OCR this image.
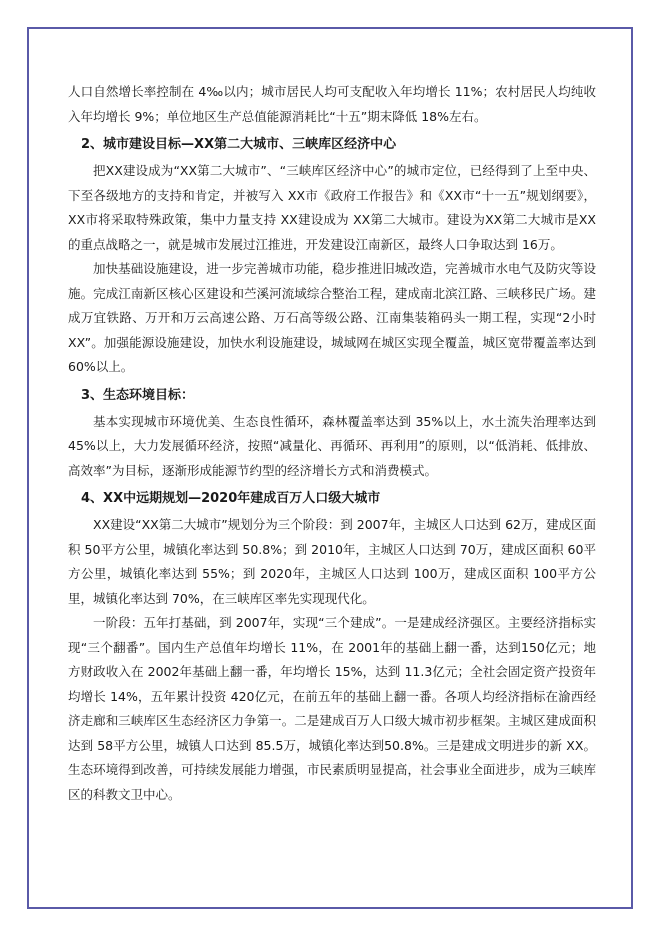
人口自然增长率控制在 4‰以内；城市居民人均可支配收入年均增长 11%；农村居民人均纯收入年均增长 9%；单位地区生产总值能源消耗比“十五”期末降低 18%左右。

2、城市建设目标—XX第二大城市、三峡库区经济中心

把XX建设成为“XX第二大城市”、“三峡库区经济中心”的城市定位，已经得到了上至中央、下至各级地方的支持和肯定，并被写入 XX市《政府工作报告》和《XX市“十一五”规划纲要》，XX市将采取特殊政策，集中力量支持 XX建设成为 XX第二大城市。建设为XX第二大城市是XX的重点战略之一，就是城市发展过江推进，开发建设江南新区，最终人口争取达到 16万。

加快基础设施建设，进一步完善城市功能，稳步推进旧城改造，完善城市水电气及防灾等设施。完成江南新区核心区建设和苎溪河流域综合整治工程，建成南北滨江路、三峡移民广场。建成万宜铁路、万开和万云高速公路、万石高等级公路、江南集装箱码头一期工程，实现“2小时XX”。加强能源设施建设，加快水利设施建设，城域网在城区实现全覆盖，城区宽带覆盖率达到 60%以上。

3、生态环境目标：

基本实现城市环境优美、生态良性循环，森林覆盖率达到 35%以上，水土流失治理率达到 45%以上，大力发展循环经济，按照“减量化、再循环、再利用”的原则，以“低消耗、低排放、高效率”为目标，逐渐形成能源节约型的经济增长方式和消费模式。

4、XX中远期规划—2020年建成百万人口级大城市

XX建设“XX第二大城市”规划分为三个阶段：到 2007年，主城区人口达到 62万，建成区面积 50平方公里，城镇化率达到 50.8%；到 2010年，主城区人口达到 70万，建成区面积 60平方公里，城镇化率达到 55%；到 2020年，主城区人口达到 100万，建成区面积 100平方公里，城镇化率达到 70%，在三峡库区率先实现现代化。

一阶段：五年打基础，到 2007年，实现“三个建成”。一是建成经济强区。主要经济指标实现“三个翻番”。国内生产总值年均增长 11%，在 2001年的基础上翻一番，达到150亿元；地方财政收入在 2002年基础上翻一番，年均增长 15%，达到 11.3亿元；全社会固定资产投资年均增长 14%，五年累计投资 420亿元，在前五年的基础上翻一番。各项人均经济指标在渝西经济走廊和三峡库区生态经济区力争第一。二是建成百万人口级大城市初步框架。主城区建成面积达到 58平方公里，城镇人口达到 85.5万，城镇化率达到50.8%。三是建成文明进步的新 XX。生态环境得到改善，可持续发展能力增强，市民素质明显提高，社会事业全面进步，成为三峡库区的科教文卫中心。
